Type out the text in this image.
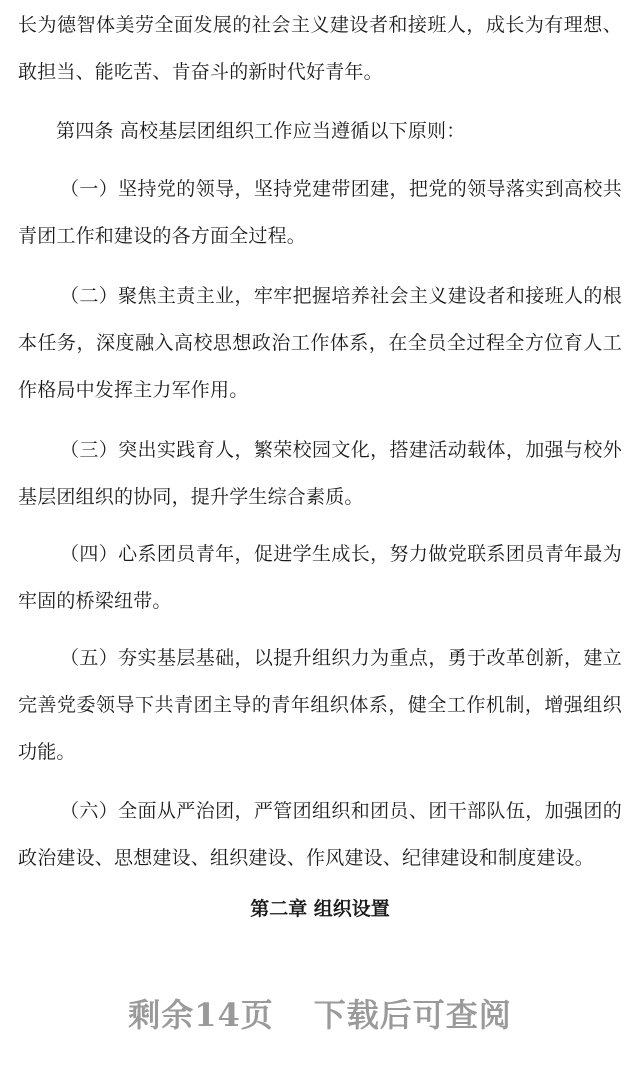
长为德智体美劳全面发展的社会主义建设者和接班人，成长为有理想、敢担当、能吃苦、肯奋斗的新时代好青年。

第四条 高校基层团组织工作应当遵循以下原则：

（一）坚持党的领导，坚持党建带团建，把党的领导落实到高校共青团工作和建设的各方面全过程。

（二）聚焦主责主业，牢牢把握培养社会主义建设者和接班人的根本任务，深度融入高校思想政治工作体系，在全员全过程全方位育人工作格局中发挥主力军作用。

（三）突出实践育人，繁荣校园文化，搭建活动载体，加强与校外基层团组织的协同，提升学生综合素质。

（四）心系团员青年，促进学生成长，努力做党联系团员青年最为牢固的桥梁纽带。

（五）夯实基层基础，以提升组织力为重点，勇于改革创新，建立完善党委领导下共青团主导的青年组织体系，健全工作机制，增强组织功能。

（六）全面从严治团，严管团组织和团员、团干部队伍，加强团的政治建设、思想建设、组织建设、作风建设、纪律建设和制度建设。

第二章 组织设置

剩余14页 下载后可查阅
